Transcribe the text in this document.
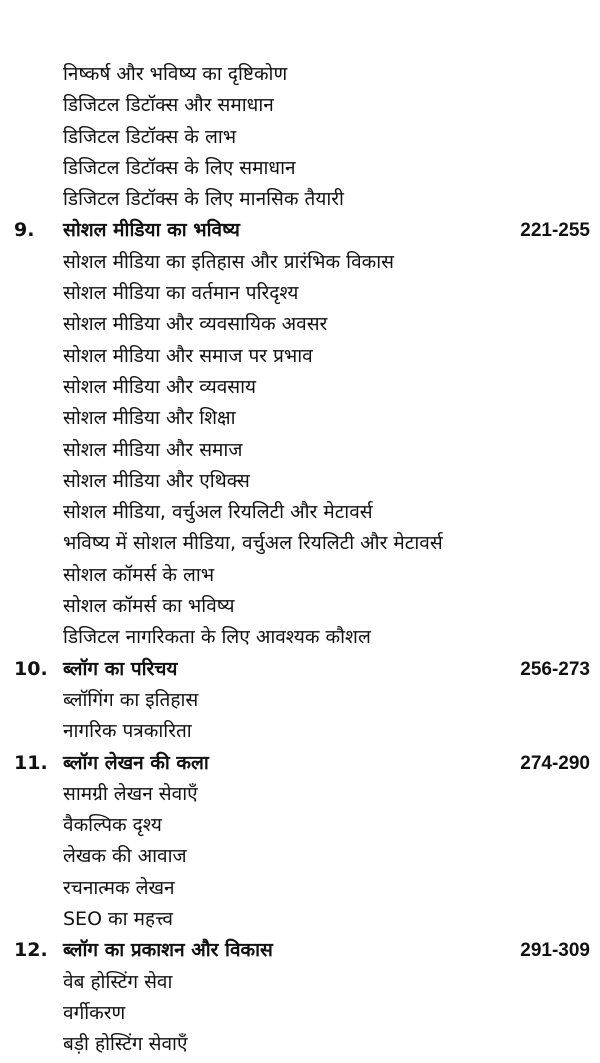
निष्कर्ष और भविष्य का दृष्टिकोण
डिजिटल डिटॉक्स और समाधान
डिजिटल डिटॉक्स के लाभ
डिजिटल डिटॉक्स के लिए समाधान
डिजिटल डिटॉक्स के लिए मानसिक तैयारी
9. सोशल मीडिया का भविष्य	221-255
सोशल मीडिया का इतिहास और प्रारंभिक विकास
सोशल मीडिया का वर्तमान परिदृश्य
सोशल मीडिया और व्यवसायिक अवसर
सोशल मीडिया और समाज पर प्रभाव
सोशल मीडिया और व्यवसाय
सोशल मीडिया और शिक्षा
सोशल मीडिया और समाज
सोशल मीडिया और एथिक्स
सोशल मीडिया, वर्चुअल रियलिटी और मेटावर्स
भविष्य में सोशल मीडिया, वर्चुअल रियलिटी और मेटावर्स
सोशल कॉमर्स के लाभ
सोशल कॉमर्स का भविष्य
डिजिटल नागरिकता के लिए आवश्यक कौशल
10. ब्लॉग का परिचय	256-273
ब्लॉगिंग का इतिहास
नागरिक पत्रकारिता
11. ब्लॉग लेखन की कला	274-290
सामग्री लेखन सेवाएँ
वैकल्पिक दृश्य
लेखक की आवाज
रचनात्मक लेखन
SEO का महत्त्व
12. ब्लॉग का प्रकाशन और विकास	291-309
वेब होस्टिंग सेवा
वर्गीकरण
बड़ी होस्टिंग सेवाएँ
